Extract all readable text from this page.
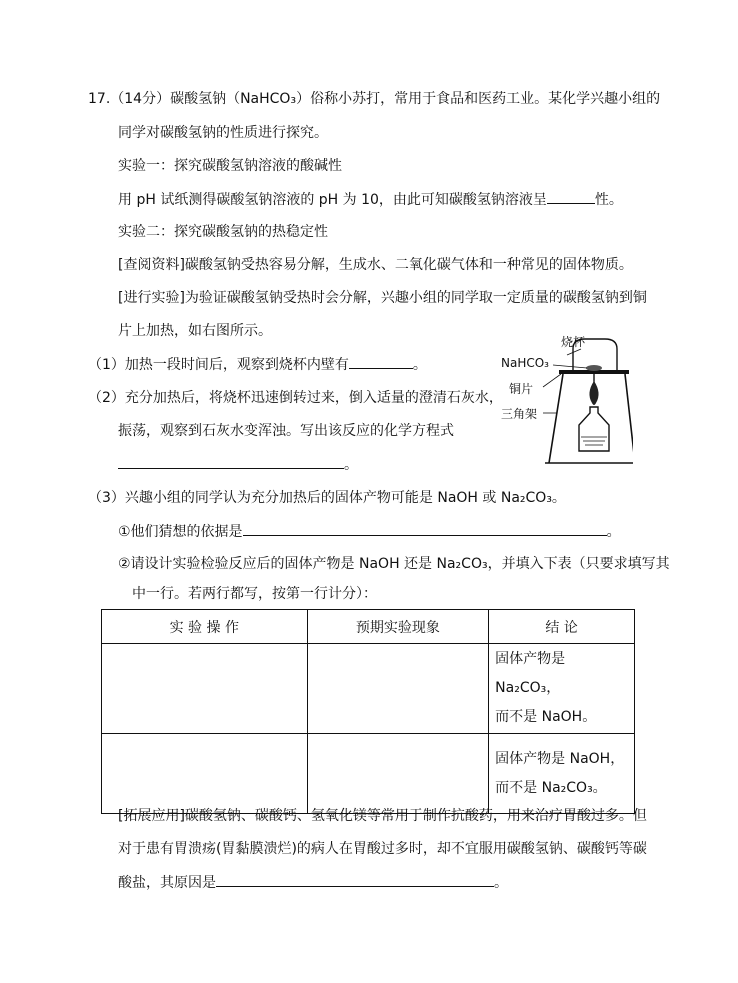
17.（14分）碳酸氢钠（NaHCO₃）俗称小苏打，常用于食品和医药工业。某化学兴趣小组的
同学对碳酸氢钠的性质进行探究。
实验一：探究碳酸氢钠溶液的酸碱性
用 pH 试纸测得碳酸氢钠溶液的 pH 为 10，由此可知碳酸氢钠溶液呈	性。
实验二：探究碳酸氢钠的热稳定性
[查阅资料]碳酸氢钠受热容易分解，生成水、二氧化碳气体和一种常见的固体物质。
[进行实验]为验证碳酸氢钠受热时会分解，兴趣小组的同学取一定质量的碳酸氢钠到铜
片上加热，如右图所示。
（1）加热一段时间后，观察到烧杯内壁有	。
（2）充分加热后，将烧杯迅速倒转过来，倒入适量的澄清石灰水，
振荡，观察到石灰水变浑浊。写出该反应的化学方程式
。
（3）兴趣小组的同学认为充分加热后的固体产物可能是 NaOH 或 Na₂CO₃。
①他们猜想的依据是	。
②请设计实验检验反应后的固体产物是 NaOH 还是 Na₂CO₃，并填入下表（只要求填写其
中一行。若两行都写，按第一行计分）：
实 验 操 作	预期实验现象	结 论

		固体产物是 Na₂CO₃，
而不是 NaOH。

		固体产物是 NaOH，
而不是 Na₂CO₃。
[拓展应用]碳酸氢钠、碳酸钙、氢氧化镁等常用于制作抗酸药，用来治疗胃酸过多。但
对于患有胃溃疡(胃黏膜溃烂)的病人在胃酸过多时，却不宜服用碳酸氢钠、碳酸钙等碳
酸盐，其原因是	。
烧杯
NaHCO₃
铜片
三角架
